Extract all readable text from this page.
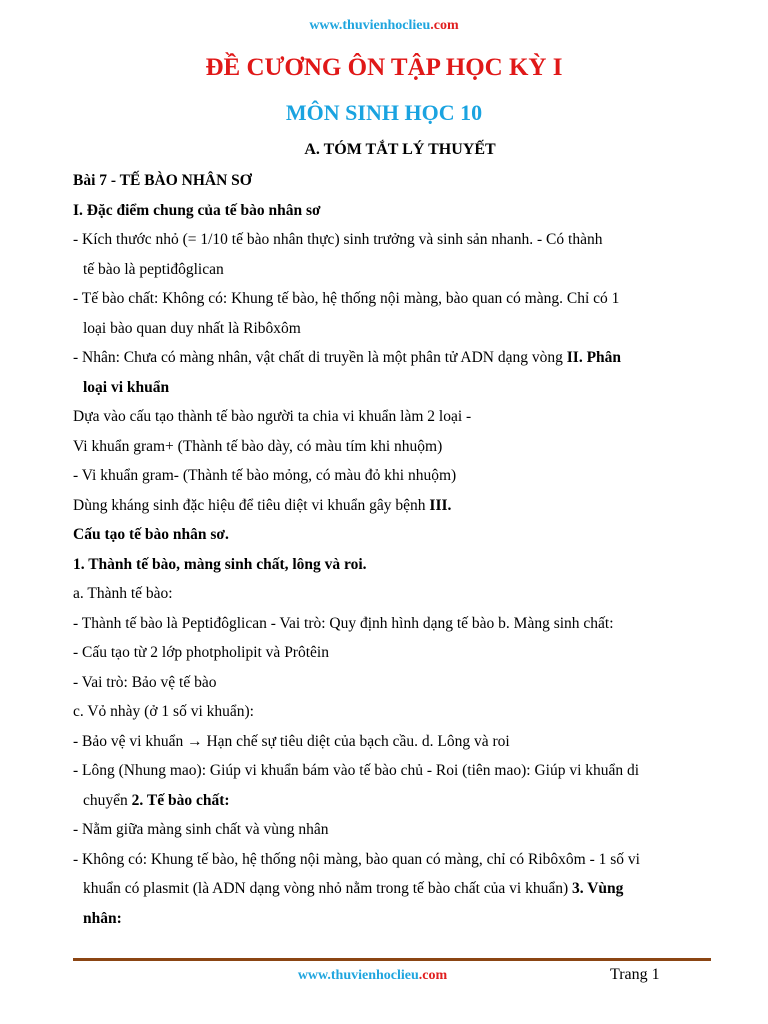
www.thuvienhoclieu.com
ĐỀ CƯƠNG ÔN TẬP HỌC KỲ I
MÔN SINH HỌC 10
A. TÓM TẮT LÝ THUYẾT

Bài 7 - TẾ BÀO NHÂN SƠ

I. Đặc điểm chung của tế bào nhân sơ

- Kích thước nhỏ (= 1/10 tế bào nhân thực) sinh trưởng và sinh sản nhanh. - Có thành

tế bào là peptiđôglican

- Tế bào chất: Không có: Khung tế bào, hệ thống nội màng, bào quan có màng. Chỉ có 1

loại bào quan duy nhất là Ribôxôm

- Nhân: Chưa có màng nhân, vật chất di truyền là một phân tử ADN dạng vòng II. Phân

loại vi khuẩn

Dựa vào cấu tạo thành tế bào người ta chia vi khuẩn làm 2 loại -

Vi khuẩn gram+ (Thành tế bào dày, có màu tím khi nhuộm)

- Vi khuẩn gram- (Thành tế bào mỏng, có màu đỏ khi nhuộm)

Dùng kháng sinh đặc hiệu để tiêu diệt vi khuẩn gây bệnh III.

Cấu tạo tế bào nhân sơ.

1. Thành tế bào, màng sinh chất, lông và roi.

a. Thành tế bào:

- Thành tế bào là Peptiđôglican - Vai trò: Quy định hình dạng tế bào b. Màng sinh chất:

- Cấu tạo từ 2 lớp photpholipit và Prôtêin

- Vai trò: Bảo vệ tế bào

c. Vỏ nhày (ở 1 số vi khuẩn):

- Bảo vệ vi khuẩn → Hạn chế sự tiêu diệt của bạch cầu. d. Lông và roi

- Lông (Nhung mao): Giúp vi khuẩn bám vào tế bào chủ - Roi (tiên mao): Giúp vi khuẩn di

chuyển 2. Tế bào chất:

- Nằm giữa màng sinh chất và vùng nhân

- Không có: Khung tế bào, hệ thống nội màng, bào quan có màng, chỉ có Ribôxôm - 1 số vi

khuẩn có plasmit (là ADN dạng vòng nhỏ nằm trong tế bào chất của vi khuẩn) 3. Vùng

nhân:

www.thuvienhoclieu.com	Trang 1
